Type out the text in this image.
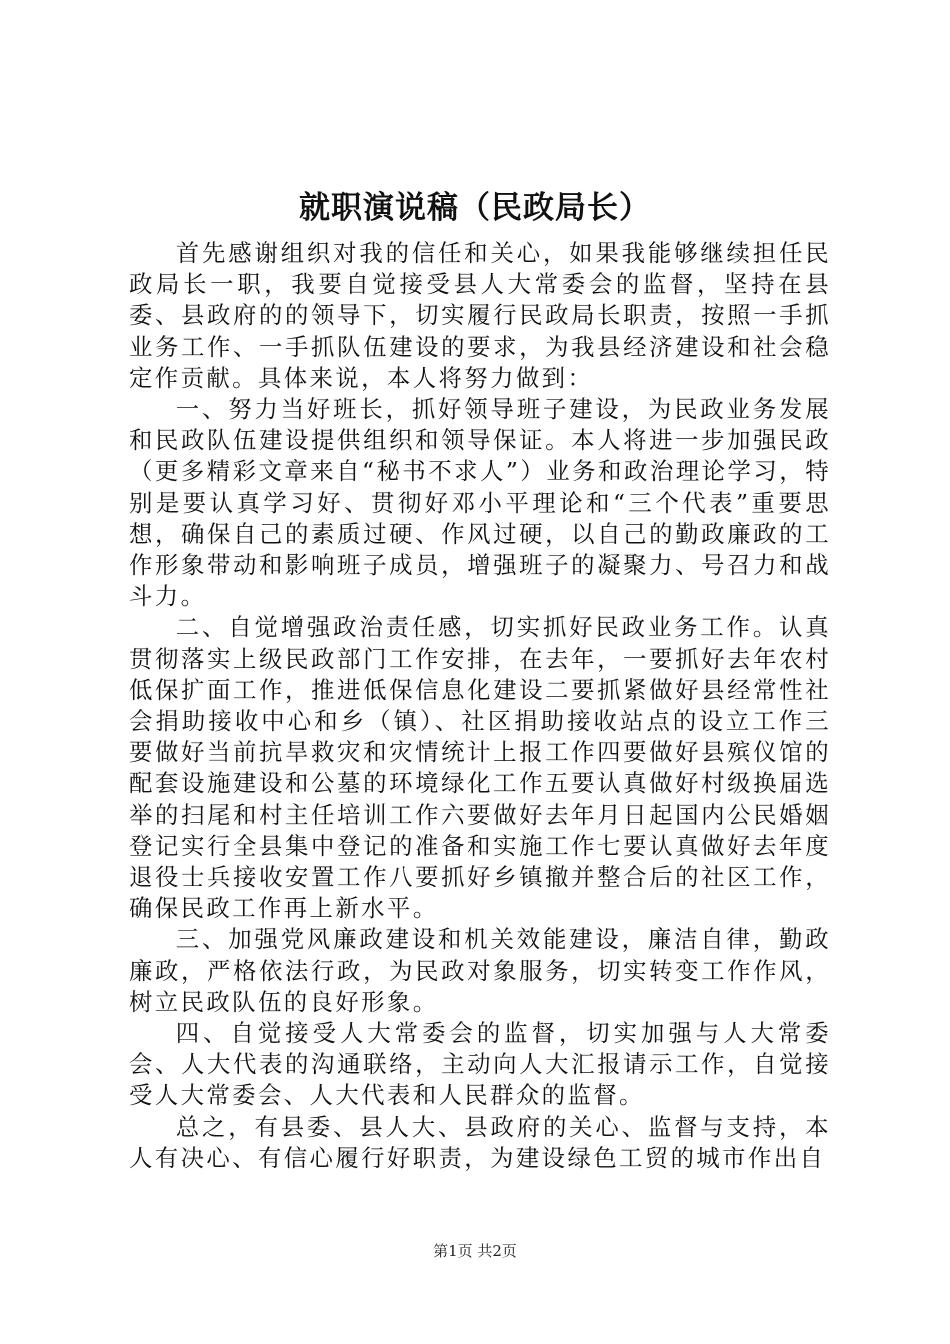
就职演说稿（民政局长）

首先感谢组织对我的信任和关心，如果我能够继续担任民政局长一职，我要自觉接受县人大常委会的监督，坚持在县委、县政府的的领导下，切实履行民政局长职责，按照一手抓业务工作、一手抓队伍建设的要求，为我县经济建设和社会稳定作贡献。具体来说，本人将努力做到：

一、努力当好班长，抓好领导班子建设，为民政业务发展和民政队伍建设提供组织和领导保证。本人将进一步加强民政（更多精彩文章来自“秘书不求人”）业务和政治理论学习，特别是要认真学习好、贯彻好邓小平理论和“三个代表”重要思想，确保自己的素质过硬、作风过硬，以自己的勤政廉政的工作形象带动和影响班子成员，增强班子的凝聚力、号召力和战斗力。

二、自觉增强政治责任感，切实抓好民政业务工作。认真贯彻落实上级民政部门工作安排，在去年，一要抓好去年农村低保扩面工作，推进低保信息化建设二要抓紧做好县经常性社会捐助接收中心和乡（镇）、社区捐助接收站点的设立工作三要做好当前抗旱救灾和灾情统计上报工作四要做好县殡仪馆的配套设施建设和公墓的环境绿化工作五要认真做好村级换届选举的扫尾和村主任培训工作六要做好去年月日起国内公民婚姻登记实行全县集中登记的准备和实施工作七要认真做好去年度退役士兵接收安置工作八要抓好乡镇撤并整合后的社区工作，确保民政工作再上新水平。

三、加强党风廉政建设和机关效能建设，廉洁自律，勤政廉政，严格依法行政，为民政对象服务，切实转变工作作风，树立民政队伍的良好形象。

四、自觉接受人大常委会的监督，切实加强与人大常委会、人大代表的沟通联络，主动向人大汇报请示工作，自觉接受人大常委会、人大代表和人民群众的监督。

总之，有县委、县人大、县政府的关心、监督与支持，本人有决心、有信心履行好职责，为建设绿色工贸的城市作出自

第1页 共2页
